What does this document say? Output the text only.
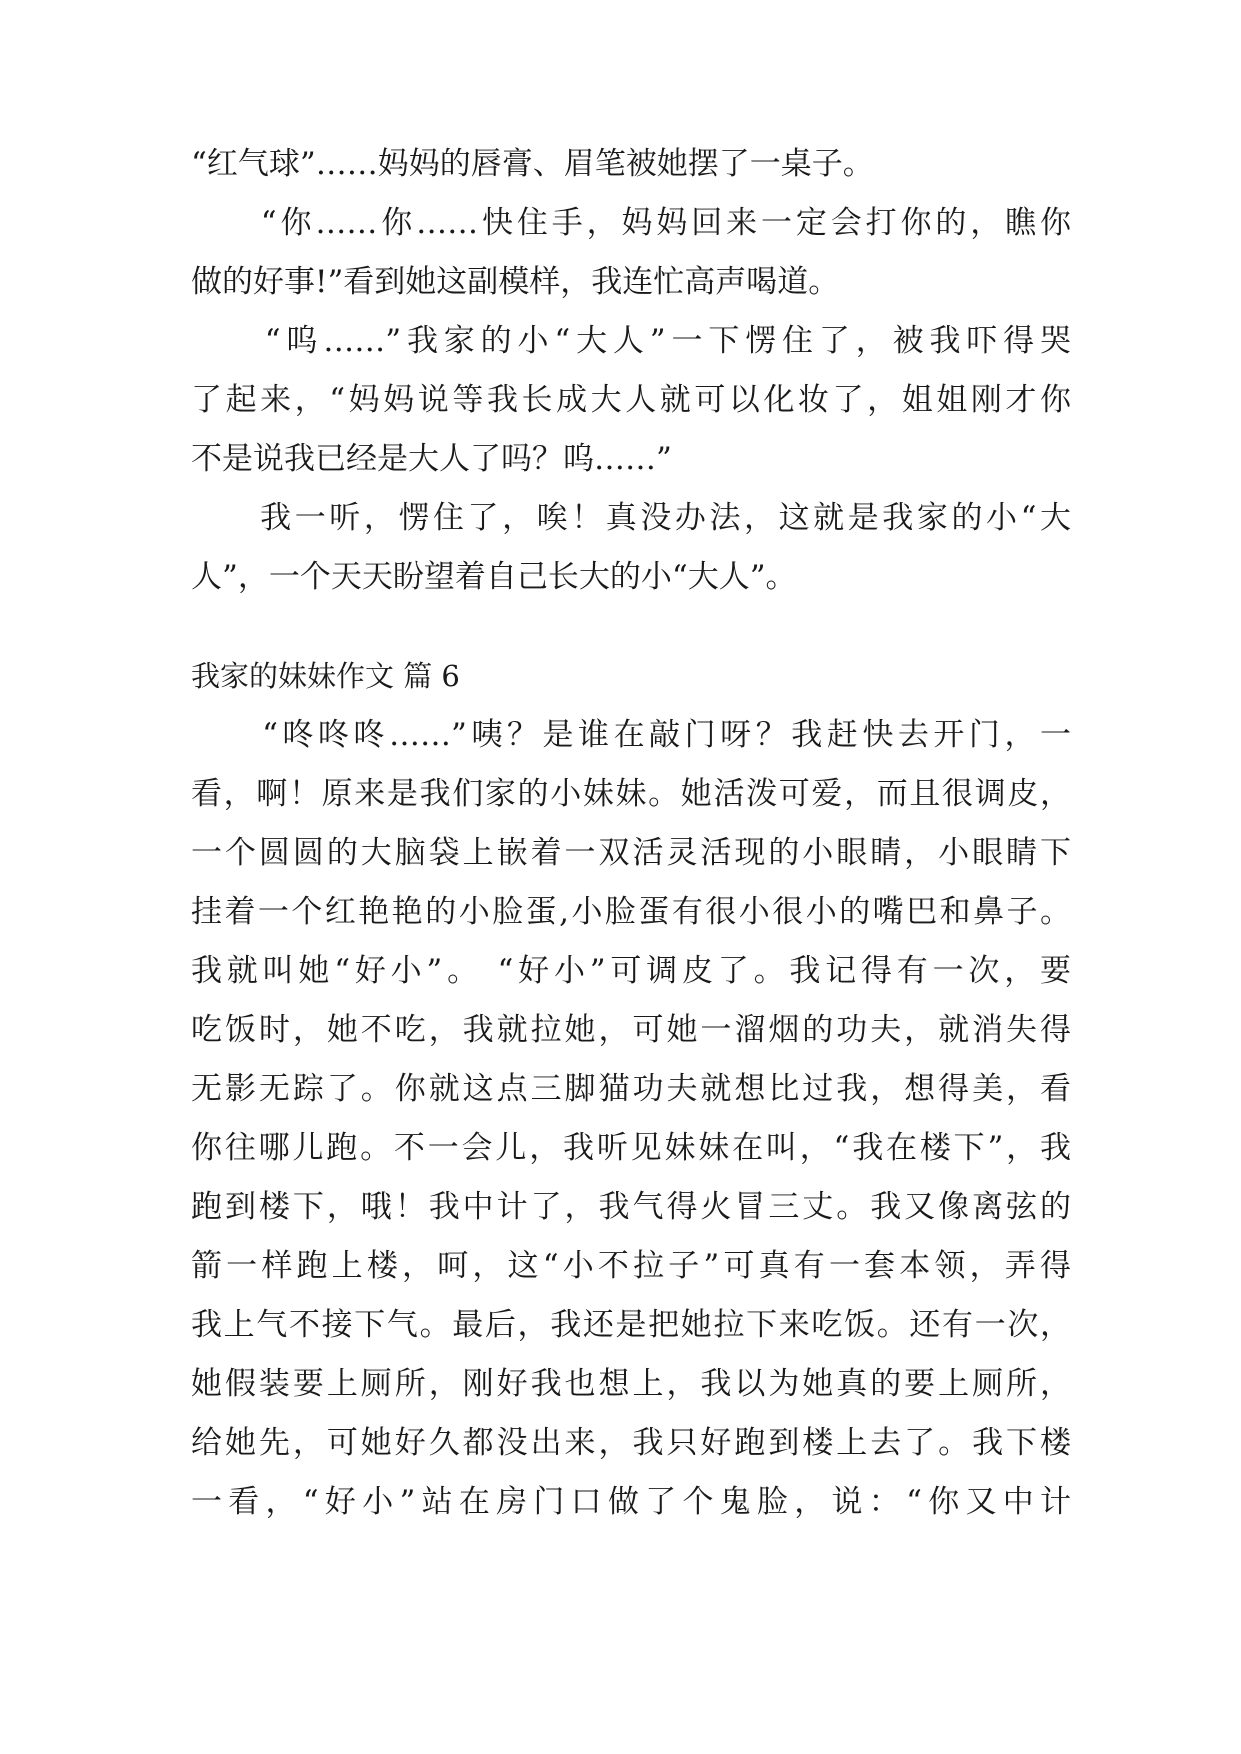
“红气球”……妈妈的唇膏、眉笔被她摆了一桌子。
　　“你……你……快住手，妈妈回来一定会打你的，瞧你
做的好事!”看到她这副模样，我连忙高声喝道。
　　“呜……”我家的小“大人”一下愣住了，被我吓得哭
了起来，“妈妈说等我长成大人就可以化妆了，姐姐刚才你
不是说我已经是大人了吗？呜……”
　　我一听，愣住了，唉！真没办法，这就是我家的小“大
人”，一个天天盼望着自己长大的小“大人”。
我家的妹妹作文 篇 6
　　“咚咚咚……”咦？是谁在敲门呀？我赶快去开门，一
看，啊！原来是我们家的小妹妹。她活泼可爱，而且很调皮，
一个圆圆的大脑袋上嵌着一双活灵活现的小眼睛，小眼睛下
挂着一个红艳艳的小脸蛋,小脸蛋有很小很小的嘴巴和鼻子。
我就叫她“好小”。 “好小”可调皮了。我记得有一次，要
吃饭时，她不吃，我就拉她，可她一溜烟的功夫，就消失得
无影无踪了。你就这点三脚猫功夫就想比过我，想得美，看
你往哪儿跑。不一会儿，我听见妹妹在叫，“我在楼下”，我
跑到楼下，哦！我中计了，我气得火冒三丈。我又像离弦的
箭一样跑上楼，呵，这“小不拉子”可真有一套本领，弄得
我上气不接下气。最后，我还是把她拉下来吃饭。还有一次，
她假装要上厕所，刚好我也想上，我以为她真的要上厕所，
给她先，可她好久都没出来，我只好跑到楼上去了。我下楼
一看，“好小”站在房门口做了个鬼脸，说：“你又中计
